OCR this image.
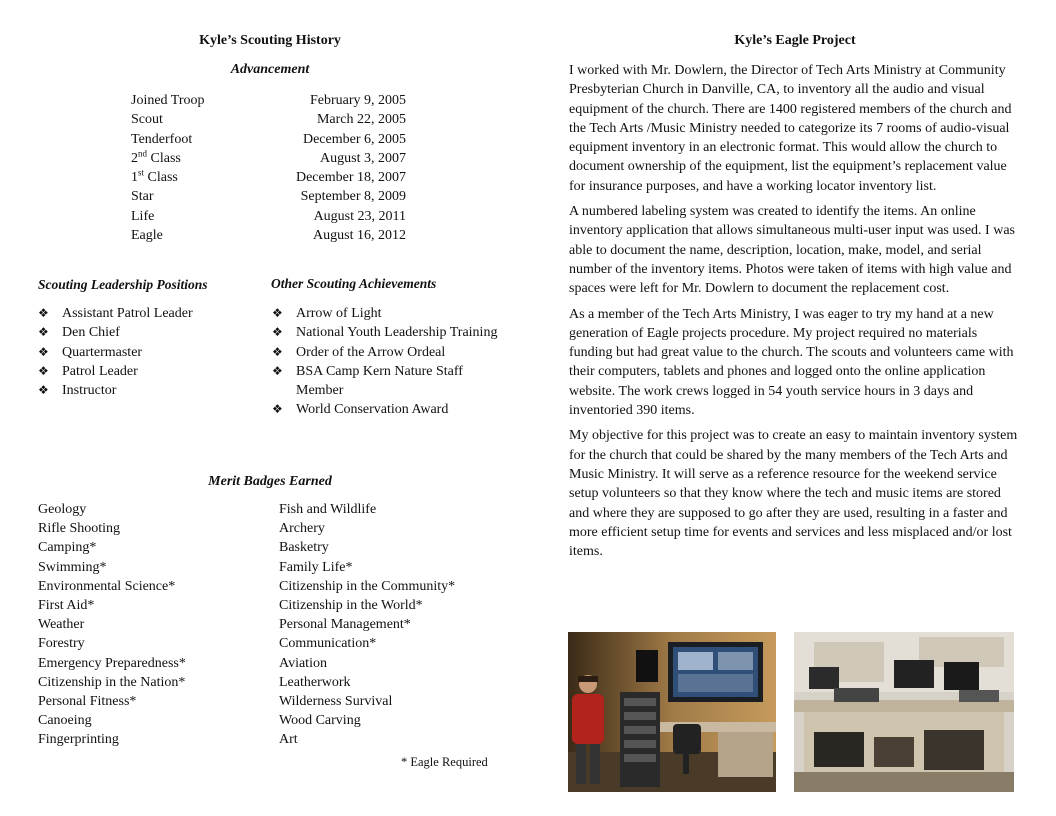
Kyle’s Scouting History
Advancement
Joined Troop	February 9, 2005
Scout	March 22, 2005
Tenderfoot	December 6, 2005
2nd Class	August 3, 2007
1st Class	December 18, 2007
Star	September 8, 2009
Life	August 23, 2011
Eagle	August 16, 2012
Scouting Leadership Positions
❖ Assistant Patrol Leader
❖ Den Chief
❖ Quartermaster
❖ Patrol Leader
❖ Instructor
Other Scouting Achievements
❖ Arrow of Light
❖ National Youth Leadership Training
❖ Order of the Arrow Ordeal
❖ BSA Camp Kern Nature Staff Member
❖ World Conservation Award
Merit Badges Earned
Geology
Rifle Shooting
Camping*
Swimming*
Environmental Science*
First Aid*
Weather
Forestry
Emergency Preparedness*
Citizenship in the Nation*
Personal Fitness*
Canoeing
Fingerprinting
Fish and Wildlife
Archery
Basketry
Family Life*
Citizenship in the Community*
Citizenship in the World*
Personal Management*
Communication*
Aviation
Leatherwork
Wilderness Survival
Wood Carving
Art
* Eagle Required
Kyle’s Eagle Project

I worked with Mr. Dowlern, the Director of Tech Arts Ministry at Community Presbyterian Church in Danville, CA, to inventory all the audio and visual equipment of the church. There are 1400 registered members of the church and the Tech Arts /Music Ministry needed to categorize its 7 rooms of audio-visual equipment inventory in an electronic format. This would allow the church to document ownership of the equipment, list the equipment’s replacement value for insurance purposes, and have a working locator inventory list.

A numbered labeling system was created to identify the items. An online inventory application that allows simultaneous multi-user input was used. I was able to document the name, description, location, make, model, and serial number of the inventory items. Photos were taken of items with high value and spaces were left for Mr. Dowlern to document the replacement cost.

As a member of the Tech Arts Ministry, I was eager to try my hand at a new generation of Eagle projects procedure. My project required no materials funding but had great value to the church. The scouts and volunteers came with their computers, tablets and phones and logged onto the online application website. The work crews logged in 54 youth service hours in 3 days and inventoried 390 items.

My objective for this project was to create an easy to maintain inventory system for the church that could be shared by the many members of the Tech Arts and Music Ministry. It will serve as a reference resource for the weekend service setup volunteers so that they know where the tech and music items are stored and where they are supposed to go after they are used, resulting in a faster and more efficient setup time for events and services and less misplaced and/or lost items.
